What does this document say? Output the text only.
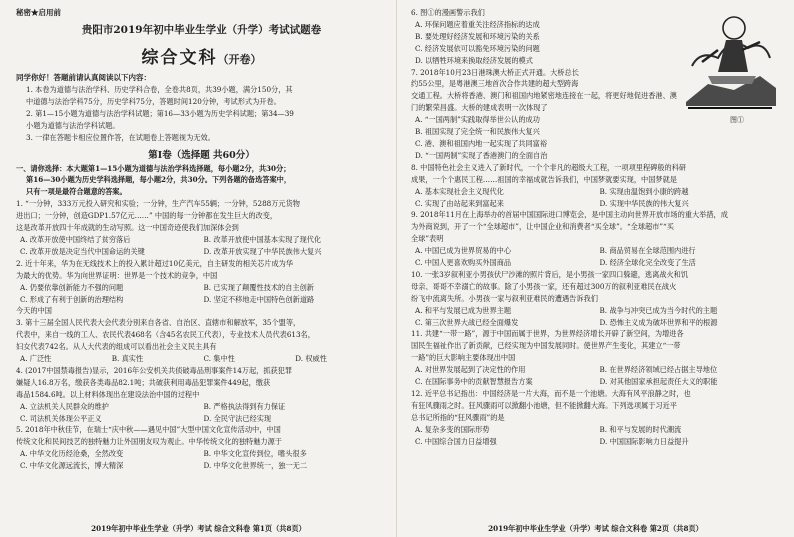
秘密★启用前
贵阳市2019年初中毕业生学业（升学）考试试题卷
综合文科（开卷）
同学你好！答题前请认真阅读以下内容：
1. 本卷为道德与法治学科、历史学科合卷，全卷共8页，共39小题，满分150分，其
中道德与法治学科75分，历史学科75分，答题时间120分钟，考试形式为开卷。
2. 第1—15小题为道德与法治学科试题；第16—33小题为历史学科试题；第34—39
小题为道德与法治学科试题。
3. 一律在答题卡相应位置作答，在试题卷上答题视为无效。
第Ⅰ卷（选择题 共60分）
一、请你选择：本大题第1—15小题为道德与法治学科选择题，每小题2分，共30分；
第16—30小题为历史学科选择题，每小题2分，共30分。下列各题的备选答案中，
只有一项是最符合题意的答案。
1. “一分钟，333万元投入研究和实验；一分钟，生产汽车55辆；一分钟，5288万元货物
进出口；一分钟，创造GDP1.57亿元……” 中国的每一分钟都在发生巨大的改变，
这是改革开放四十年成就的生动写照。这一中国奇迹使我们加深体会到
A. 改革开放使中国终结了贫穷落后	B. 改革开放使中国基本实现了现代化
C. 改革开放是决定当代中国命运的关键	D. 改革开放实现了中华民族伟大复兴
2. 近十年来，华为在无线技术上的投入累计超过10亿美元，自主研发的相关芯片成为华
为最大的优势。华为向世界证明：世界是一个技术的竞争，中国
A. 仍要依靠创新能力不强的问题	B. 已实现了颠覆性技术的自主创新
C. 形成了有利于创新的治理结构	D. 坚定不移地走中国特色创新道路
今天的中国
3. 第十三届全国人民代表大会代表分别来自各省、自治区、直辖市和解放军，35个盟等，
代表中，来自一线的工人、农民代表468名（含45名农民工代表），专业技术人员代表613名，
妇女代表742名。从人大代表的组成可以看出社会主义民主具有
A. 广泛性	B. 真实性	C. 集中性	D. 权威性
4. (2017中国禁毒报告)显示，2016年公安机关共侦破毒品刑事案件14万起，抓获犯罪
嫌疑人16.8万名，缴获各类毒品82.1吨；共破获利用毒品犯罪案件449起，缴获
毒品1584.6吨。以上材料体现出在建设法治中国的过程中
A. 立法机关人民群众的维护	B. 严格执法得到有力保证
C. 司法机关体现公平正义	D. 全民守法已经实现
5. 2018年中秋佳节，在瑞士“庆中秋——遇见中国”大型中国文化宣传活动中，中国
传统文化和民间技艺的独特魅力让外国朋友叹为观止。中华传统文化的独特魅力源于
A. 中华文化历经沧桑，全然改变	B. 中华文化宣传到位，嗜头很多
C. 中华文化源远流长，博大精深	D. 中华文化世界统一，独一无二
2019年初中毕业生学业（升学）考试 综合文科卷 第1页（共8页）
图①
6. 图①的漫画警示我们
A. 环保问题应着重关注经济指标的达成
B. 要处理好经济发展和环境污染的关系
C. 经济发展依可以豁免环境污染的问题
D. 以牺牲环境来换取经济发展的模式
7. 2018年10月23日港珠澳大桥正式开通。大桥总长
约55公里，是粤港澳三地首次合作共建的超大型跨海
交通工程。大桥将香港、澳门和祖国内地紧密地连接在一起，将更好地促进香港、澳
门的繁荣昌盛。大桥的建成表明一次体现了
A. “一国两制”实践取得举世公认的成功
B. 祖国实现了完全统一和民族伟大复兴
C. 港、澳和祖国内地一起实现了共同富裕
D. “一国两制”实现了香港澳门的全面自治
8. 中国特色社会主义进入了新时代，一个个非凡的超级大工程，一项项里程碑般的科研
成果，一个个惠民工程……祖国的幸福成就告诉我们，中国梦就要实现，中国梦就是
A. 基本实现社会主义现代化	B. 实现由温饱到小康的跨越
C. 实现了由站起来到富起来	D. 实现中华民族的伟大复兴
9. 2018年11月在上海举办的首届中国国际进口博览会，是中国主动向世界开放市场的重大举措，成
为外商说到，开了一个“全球超市”，让中国企业和消费者“买全球”。“全球超市”“买
全球”表明
A. 中国已成为世界贸易的中心	B. 商品贸易在全球范围内进行
C. 中国人更喜欢购买外国商品	D. 经济全球化完全改变了生活
10. 一张3岁叙利亚小男孩伏尸沙滩的照片背后，是小男孩一家四口躲避，逃离战火和饥
母亲、哥哥不幸溺亡的故事。除了小男孩一家，还有超过300万的叙利亚难民在战火
纷飞中流离失所。小男孩一家与叙利亚难民的遭遇告诉我们
A. 和平与发展已成为世界主题	B. 战争与冲突已成为当今时代的主题
C. 第三次世界大战已经全面爆发	D. 恐怖主义成为破坏世界和平的根源
11. 共建“一带一路”，源于中国而属于世界，为世界经济增长开辟了新空间，为增进各
国民生福祉作出了新贡献，已经实现为中国发展同时。使世界产生变化，其建立“一带
一路”的巨大影响主要体现出中国
A. 对世界发展起到了决定性的作用	B. 在世界经济领域已经占据主导地位
C. 在国际事务中的贡献智慧报告方案	D. 对其他国家承担起责任大义的职能
12. 近平总书记指出：中国经济是一片大海，而不是一个池塘。大海有风平浪静之时，也
有狂风骤雨之时。狂风骤雨可以掀翻小池塘，但不能掀翻大海。下列选项属于习近平
总书记所指的“狂风骤雨”的是
A. 复杂多变的国际形势	B. 和平与发展的时代潮流
C. 中国综合国力日益增强	D. 中国国际影响力日益提升
2019年初中毕业生学业（升学）考试 综合文科卷 第2页（共8页）
